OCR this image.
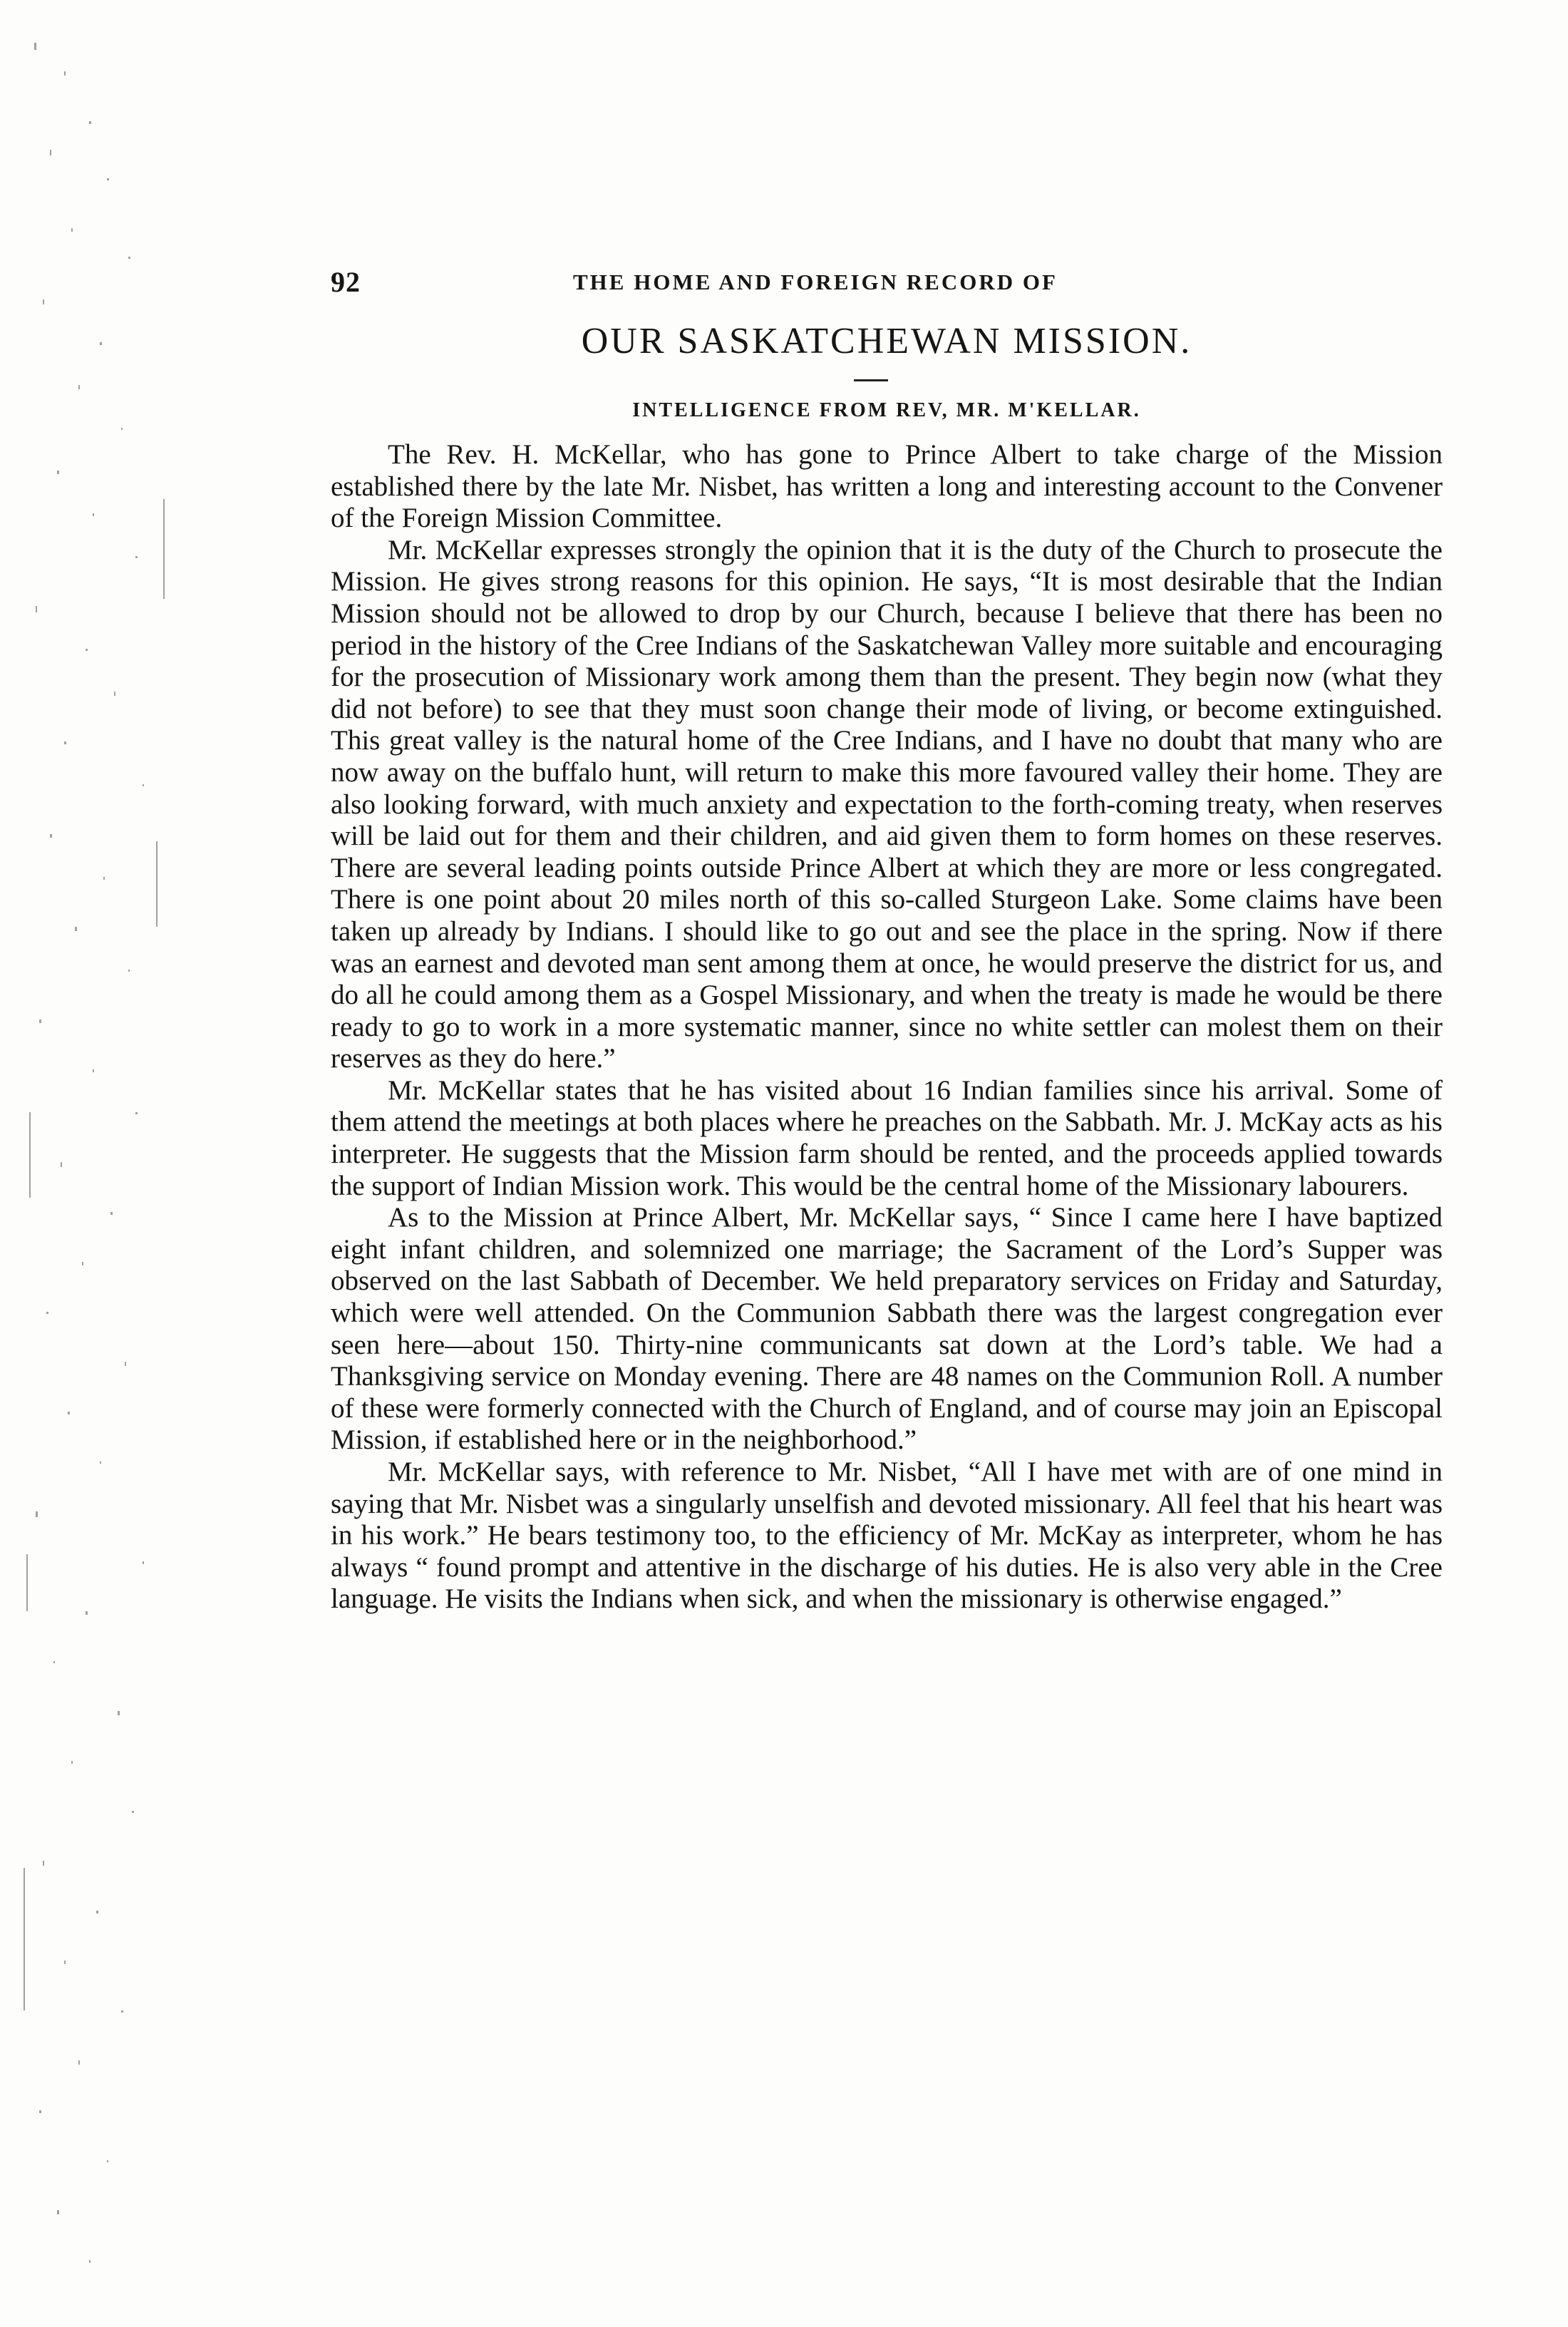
92	THE HOME AND FOREIGN RECORD OF
OUR SASKATCHEWAN MISSION.
INTELLIGENCE FROM REV, MR. M'KELLAR.

The Rev. H. McKellar, who has gone to Prince Albert to take charge of the Mission established there by the late Mr. Nisbet, has written a long and interesting account to the Convener of the Foreign Mission Committee.

Mr. McKellar expresses strongly the opinion that it is the duty of the Church to prosecute the Mission. He gives strong reasons for this opinion. He says, “It is most desirable that the Indian Mission should not be allowed to drop by our Church, because I believe that there has been no period in the history of the Cree Indians of the Saskatchewan Valley more suitable and encouraging for the prosecution of Missionary work among them than the present. They begin now (what they did not before) to see that they must soon change their mode of living, or become extinguished. This great valley is the natural home of the Cree Indians, and I have no doubt that many who are now away on the buffalo hunt, will return to make this more favoured valley their home. They are also looking forward, with much anxiety and expectation to the forth-coming treaty, when reserves will be laid out for them and their children, and aid given them to form homes on these reserves. There are several leading points outside Prince Albert at which they are more or less congregated. There is one point about 20 miles north of this so-called Sturgeon Lake. Some claims have been taken up already by Indians. I should like to go out and see the place in the spring. Now if there was an earnest and devoted man sent among them at once, he would preserve the district for us, and do all he could among them as a Gospel Missionary, and when the treaty is made he would be there ready to go to work in a more systematic manner, since no white settler can molest them on their reserves as they do here.”

Mr. McKellar states that he has visited about 16 Indian families since his arrival. Some of them attend the meetings at both places where he preaches on the Sabbath. Mr. J. McKay acts as his interpreter. He suggests that the Mission farm should be rented, and the proceeds applied towards the support of Indian Mission work. This would be the central home of the Missionary labourers.

As to the Mission at Prince Albert, Mr. McKellar says, “ Since I came here I have baptized eight infant children, and solemnized one marriage; the Sacrament of the Lord’s Supper was observed on the last Sabbath of December. We held preparatory services on Friday and Saturday, which were well attended. On the Communion Sabbath there was the largest congregation ever seen here—about 150. Thirty-nine communicants sat down at the Lord’s table. We had a Thanksgiving service on Monday evening. There are 48 names on the Communion Roll. A number of these were formerly connected with the Church of England, and of course may join an Episcopal Mission, if established here or in the neighborhood.”

Mr. McKellar says, with reference to Mr. Nisbet, “All I have met with are of one mind in saying that Mr. Nisbet was a singularly unselfish and devoted missionary. All feel that his heart was in his work.” He bears testimony too, to the efficiency of Mr. McKay as interpreter, whom he has always “ found prompt and attentive in the discharge of his duties. He is also very able in the Cree language. He visits the Indians when sick, and when the missionary is otherwise engaged.”
